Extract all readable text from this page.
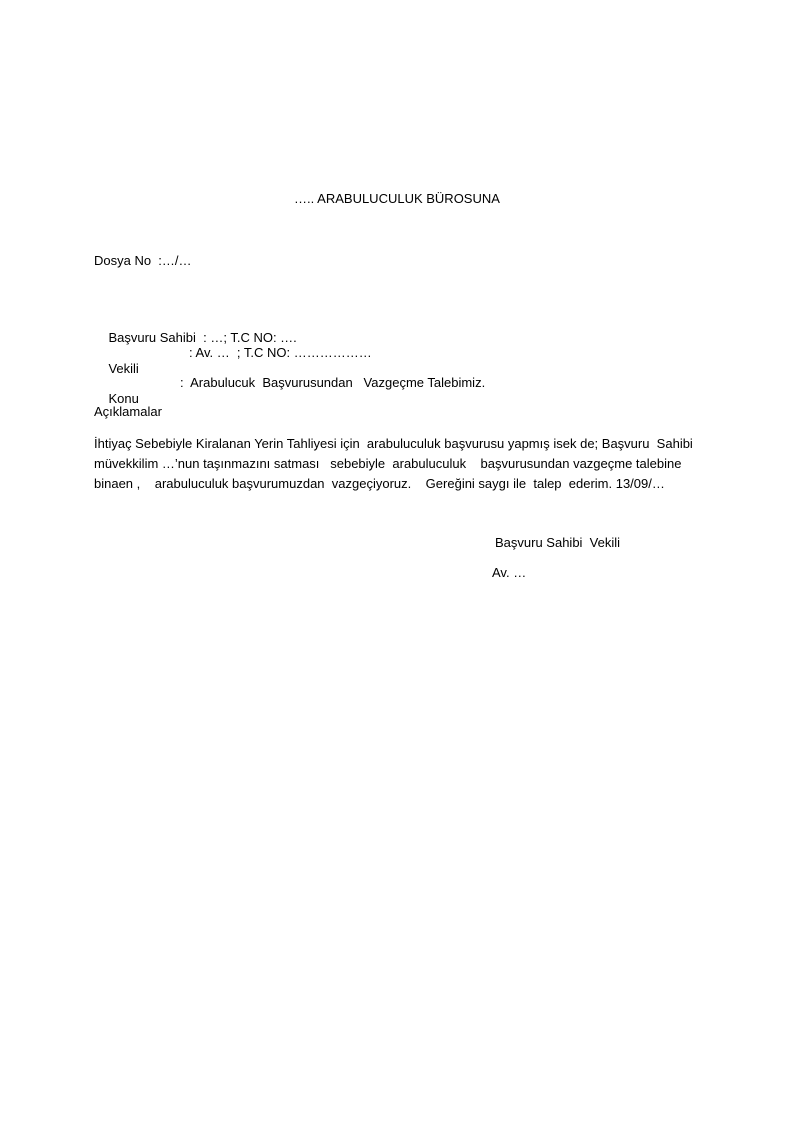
….. ARABULUCULUK BÜROSUNA
Dosya No  :…/…

Başvuru Sahibi  : …; T.C NO: ….

Vekili

: Av. …  ; T.C NO: ………………

Konu

:  Arabulucuk  Başvurusundan   Vazgeçme Talebimiz.

Açıklamalar
İhtiyaç Sebebiyle Kiralanan Yerin Tahliyesi için  arabuluculuk başvurusu yapmış isek de; Başvuru  Sahibi
müvekkilim …’nun taşınmazını satması   sebebiyle  arabuluculuk    başvurusundan vazgeçme talebine
binaen ,    arabuluculuk başvurumuzdan  vazgeçiyoruz.    Gereğini saygı ile  talep  ederim. 13/09/…
Başvuru Sahibi  Vekili
Av. …
